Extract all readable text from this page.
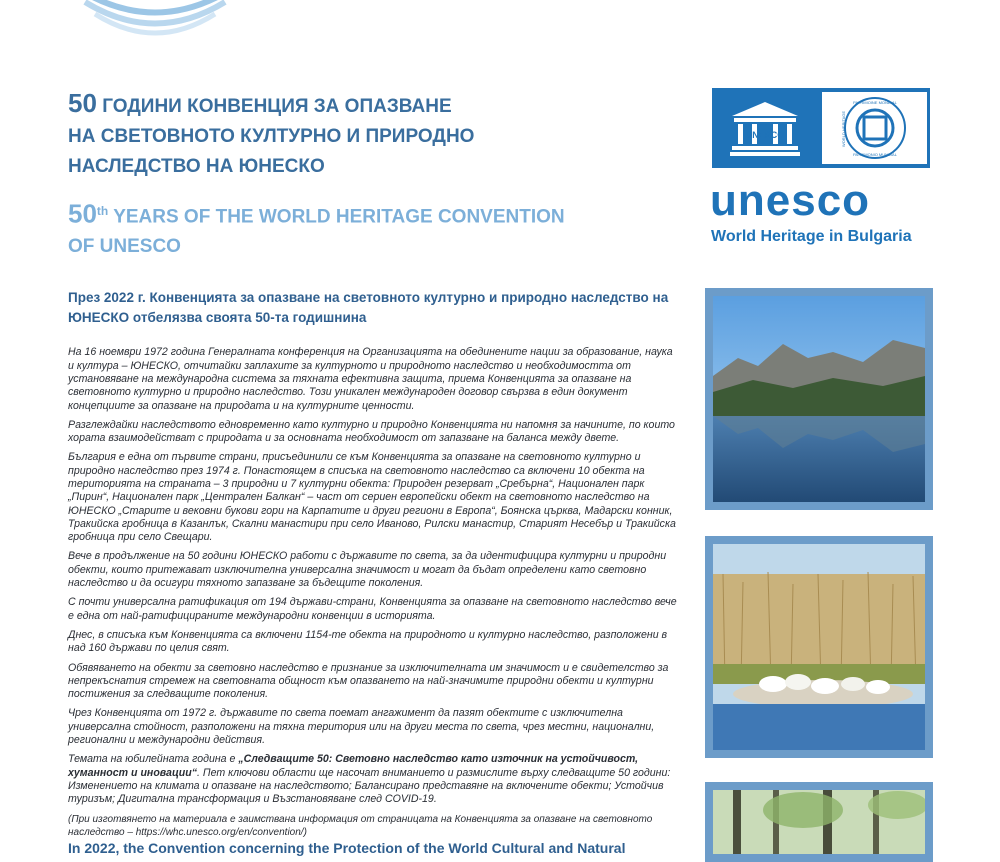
50 ГОДИНИ КОНВЕНЦИЯ ЗА ОПАЗВАНЕ
НА СВЕТОВНОТО КУЛТУРНО И ПРИРОДНО
НАСЛЕДСТВО НА ЮНЕСКО
50th YEARS OF THE WORLD HERITAGE CONVENTION
OF UNESCO

През 2022 г. Конвенцията за опазване на световното културно и природно наследство на ЮНЕСКО отбелязва своята 50-та годишнина

На 16 ноември 1972 година Генералната конференция на Организацията на обединените нации за образование, наука и култура – ЮНЕСКО, отчитайки заплахите за културното и природното наследство и необходимостта от установяване на международна система за тяхната ефективна защита, приема Конвенцията за опазване на световното културно и природно наследство. Този уникален международен договор свързва в един документ концепциите за опазване на природата и на културните ценности.

Разглеждайки наследството едновременно като културно и природно Конвенцията ни напомня за начините, по които хората взаимодействат с природата и за основната необходимост от запазване на баланса между двете.

България е една от първите страни, присъединили се към Конвенцията за опазване на световното културно и природно наследство през 1974 г. Понастоящем в списъка на световното наследство са включени 10 обекта на територията на страната – 3 природни и 7 културни обекта: Природен резерват „Сребърна“, Национален парк „Пирин“, Национален парк „Централен Балкан“ – част от сериен европейски обект на световното наследство на ЮНЕСКО „Старите и вековни букови гори на Карпатите и други региони в Европа“, Боянска църква, Мадарски конник, Тракийска гробница в Казанлък, Скални манастири при село Иваново, Рилски манастир, Старият Несебър и Тракийска гробница при село Свещари.

Вече в продължение на 50 години ЮНЕСКО работи с държавите по света, за да идентифицира културни и природни обекти, които притежават изключителна универсална значимост и могат да бъдат определени като световно наследство и да осигури тяхното запазване за бъдещите поколения.

С почти универсална ратификация от 194 държави-страни, Конвенцията за опазване на световното наследство вече е една от най-ратифицираните международни конвенции в историята.

Днес, в списъка към Конвенцията са включени 1154-те обекта на природното и културно наследство, разположени в над 160 държави по целия свят.

Обявяването на обекти за световно наследство е признание за изключителната им значимост и е свидетелство за непрекъснатия стремеж на световната общност към опазването на най-значимите природни обекти и културни постижения за следващите поколения.

Чрез Конвенцията от 1972 г. държавите по света поемат ангажимент да пазят обектите с изключителна универсална стойност, разположени на тяхна територия или на други места по света, чрез местни, национални, регионални и международни действия.

Темата на юбилейната година е „Следващите 50: Световно наследство като източник на устойчивост, хуманност и иновации“. Пет ключови области ще насочат вниманието и размислите върху следващите 50 години: Изменението на климата и опазване на наследството; Балансирано представяне на включените обекти; Устойчив туризъм; Дигитална трансформация и Възстановяване след COVID-19.

(При изготвянето на материала е заимствана информация от страницата на Конвенцията за опазване на световното наследство – https://whc.unesco.org/en/convention/)

In 2022, the Convention concerning the Protection of the World Cultural and Natural
UNESCO
PATRIMOINE MONDIAL
WORLD HERITAGE
PATRIMONIO MUNDIAL
unesco
World Heritage in Bulgaria
